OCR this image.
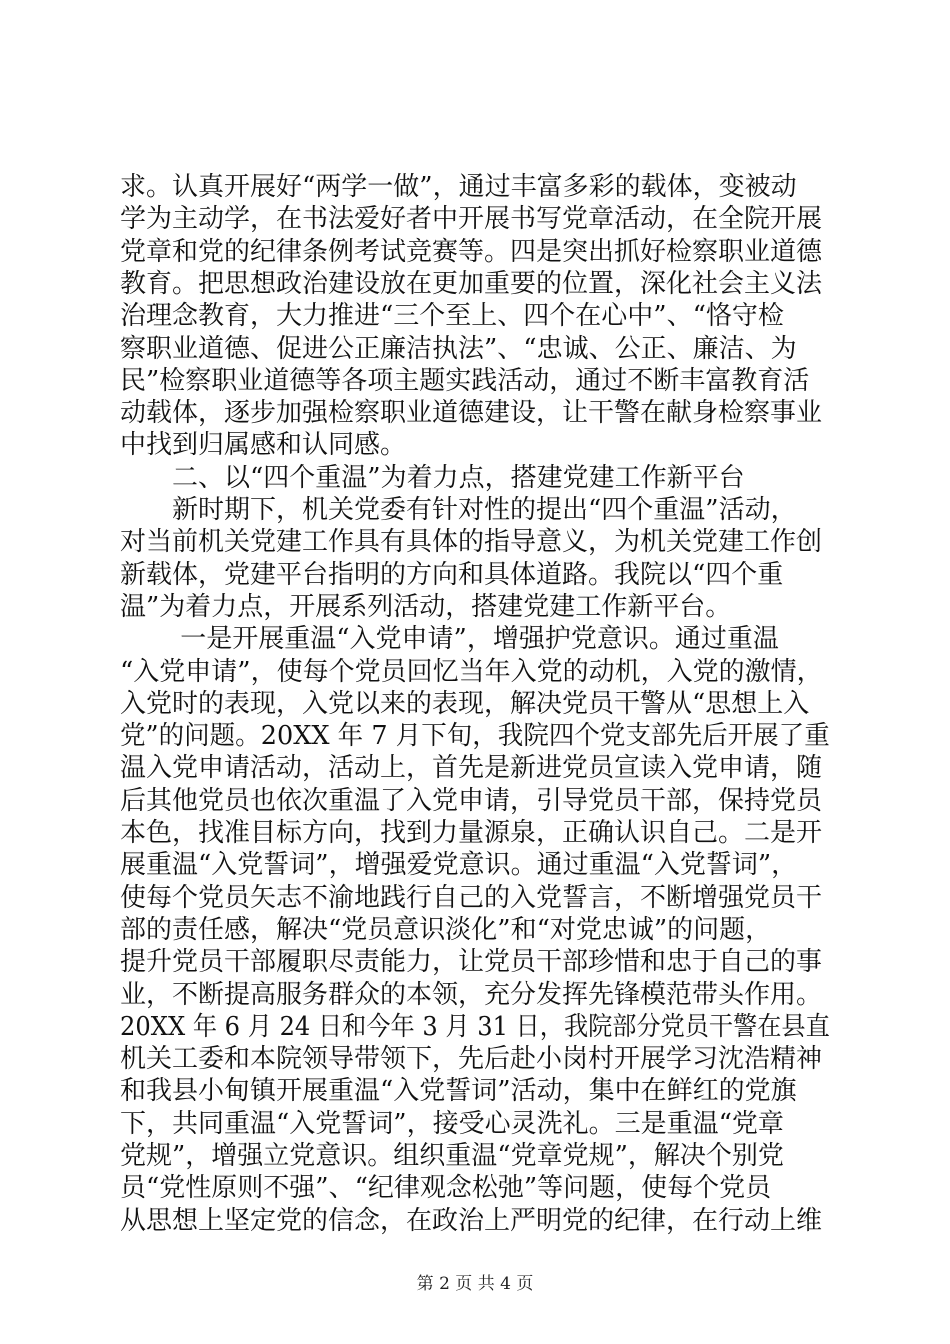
求。认真开展好“两学一做”，通过丰富多彩的载体，变被动
学为主动学，在书法爱好者中开展书写党章活动，在全院开展
党章和党的纪律条例考试竞赛等。四是突出抓好检察职业道德
教育。把思想政治建设放在更加重要的位置，深化社会主义法
治理念教育，大力推进“三个至上、四个在心中”、“恪守检
察职业道德、促进公正廉洁执法”、“忠诚、公正、廉洁、为
民”检察职业道德等各项主题实践活动，通过不断丰富教育活
动载体，逐步加强检察职业道德建设，让干警在献身检察事业
中找到归属感和认同感。
　　二、以“四个重温”为着力点，搭建党建工作新平台
　　新时期下，机关党委有针对性的提出“四个重温”活动，
对当前机关党建工作具有具体的指导意义，为机关党建工作创
新载体，党建平台指明的方向和具体道路。我院以“四个重
温”为着力点，开展系列活动，搭建党建工作新平台。
　　 一是开展重温“入党申请”，增强护党意识。通过重温
“入党申请”，使每个党员回忆当年入党的动机，入党的激情，
入党时的表现，入党以来的表现，解决党员干警从“思想上入
党”的问题。20XX 年 7 月下旬，我院四个党支部先后开展了重
温入党申请活动，活动上，首先是新进党员宣读入党申请，随
后其他党员也依次重温了入党申请，引导党员干部，保持党员
本色，找准目标方向，找到力量源泉，正确认识自己。二是开
展重温“入党誓词”，增强爱党意识。通过重温“入党誓词”，
使每个党员矢志不渝地践行自己的入党誓言，不断增强党员干
部的责任感，解决“党员意识淡化”和“对党忠诚”的问题，
提升党员干部履职尽责能力，让党员干部珍惜和忠于自己的事
业，不断提高服务群众的本领，充分发挥先锋模范带头作用。
20XX 年 6 月 24 日和今年 3 月 31 日，我院部分党员干警在县直
机关工委和本院领导带领下，先后赴小岗村开展学习沈浩精神
和我县小甸镇开展重温“入党誓词”活动，集中在鲜红的党旗
下，共同重温“入党誓词”，接受心灵洗礼。三是重温“党章
党规”，增强立党意识。组织重温“党章党规”，解决个别党
员“党性原则不强”、“纪律观念松弛”等问题，使每个党员
从思想上坚定党的信念，在政治上严明党的纪律，在行动上维
第 2 页 共 4 页
